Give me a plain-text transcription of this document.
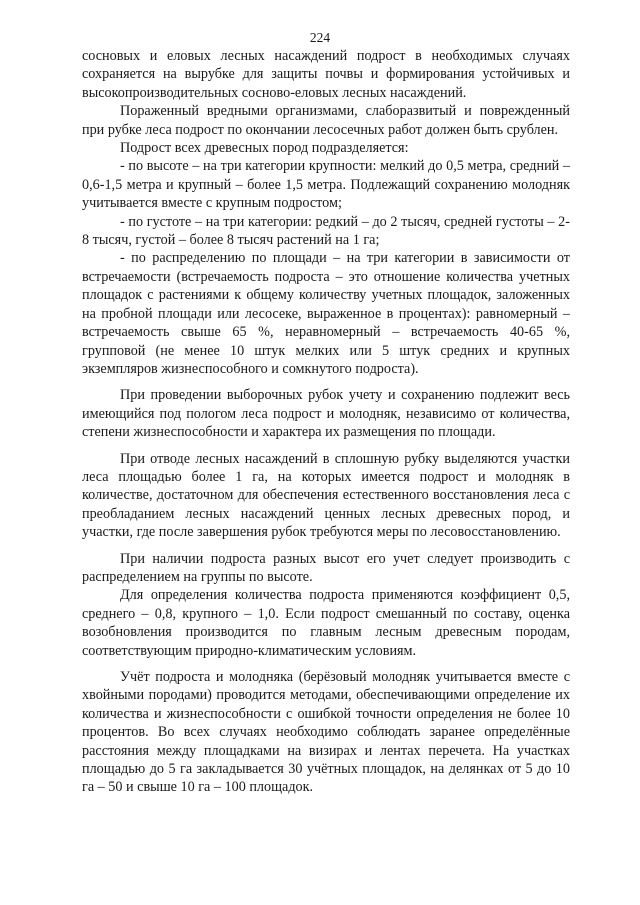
224

сосновых и еловых лесных насаждений подрост в необходимых случаях сохраняется на вырубке для защиты почвы и формирования устойчивых и высокопроизводительных сосново-еловых лесных насаждений.

Пораженный вредными организмами, слаборазвитый и поврежденный при рубке леса подрост по окончании лесосечных работ должен быть срублен.

Подрост всех древесных пород подразделяется:

- по высоте – на три категории крупности: мелкий до 0,5 метра, средний – 0,6-1,5 метра и крупный – более 1,5 метра. Подлежащий сохранению молодняк учитывается вместе с крупным подростом;

- по густоте – на три категории: редкий – до 2 тысяч, средней густоты – 2-8 тысяч, густой – более 8 тысяч растений на 1 га;

- по распределению по площади – на три категории в зависимости от встречаемости (встречаемость подроста – это отношение количества учетных площадок с растениями к общему количеству учетных площадок, заложенных на пробной площади или лесосеке, выраженное в процентах): равномерный – встречаемость свыше 65 %, неравномерный – встречаемость 40-65 %, групповой (не менее 10 штук мелких или 5 штук средних и крупных экземпляров жизнеспособного и сомкнутого подроста).

При проведении выборочных рубок учету и сохранению подлежит весь имеющийся под пологом леса подрост и молодняк, независимо от количества, степени жизнеспособности и характера их размещения по площади.

При отводе лесных насаждений в сплошную рубку выделяются участки леса площадью более 1 га, на которых имеется подрост и молодняк в количестве, достаточном для обеспечения естественного восстановления леса с преобладанием лесных насаждений ценных лесных древесных пород, и участки, где после завершения рубок требуются меры по лесовосстановлению.

При наличии подроста разных высот его учет следует производить с распределением на группы по высоте.

Для определения количества подроста применяются коэффициент 0,5, среднего – 0,8, крупного – 1,0. Если подрост смешанный по составу, оценка возобновления производится по главным лесным древесным породам, соответствующим природно-климатическим условиям.

Учёт подроста и молодняка (берёзовый молодняк учитывается вместе с хвойными породами) проводится методами, обеспечивающими определение их количества и жизнеспособности с ошибкой точности определения не более 10 процентов. Во всех случаях необходимо соблюдать заранее определённые расстояния между площадками на визирах и лентах перечета. На участках площадью до 5 га закладывается 30 учётных площадок, на делянках от 5 до 10 га – 50 и свыше 10 га – 100 площадок.
